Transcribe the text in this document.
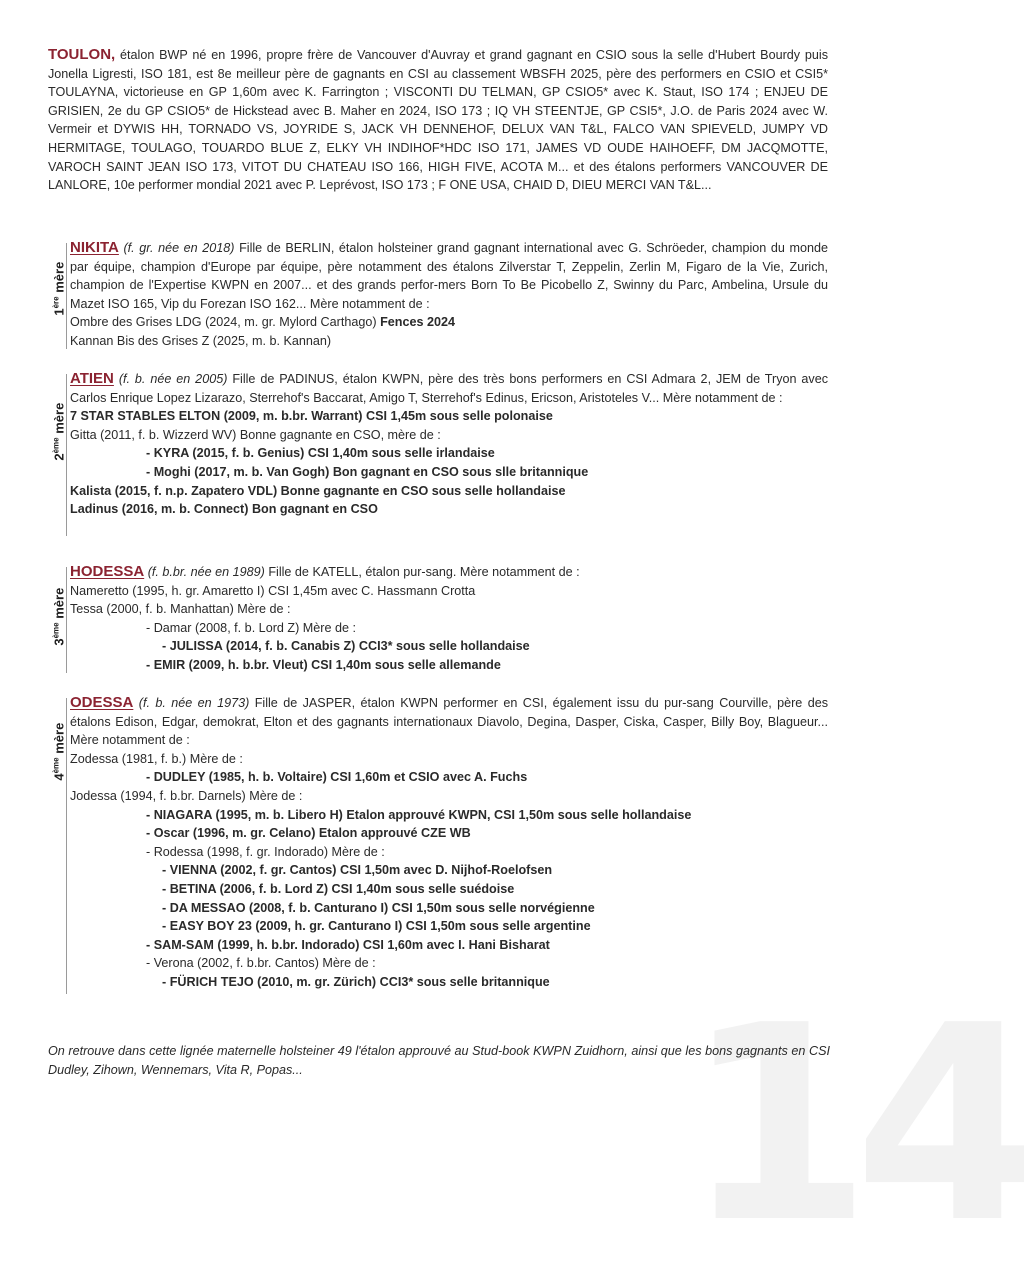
14
TOULON, étalon BWP né en 1996, propre frère de Vancouver d'Auvray et grand gagnant en CSIO sous la selle d'Hubert Bourdy puis Jonella Ligresti, ISO 181, est 8e meilleur père de gagnants en CSI au classement WBSFH 2025, père des performers en CSIO et CSI5* TOULAYNA, victorieuse en GP 1,60m avec K. Farrington ; VISCONTI DU TELMAN, GP CSIO5* avec K. Staut, ISO 174 ; ENJEU DE GRISIEN, 2e du GP CSIO5* de Hickstead avec B. Maher en 2024, ISO 173 ; IQ VH STEENTJE, GP CSI5*, J.O. de Paris 2024 avec W. Vermeir et DYWIS HH, TORNADO VS, JOYRIDE S, JACK VH DENNEHOF, DELUX VAN T&L, FALCO VAN SPIEVELD, JUMPY VD HERMITAGE, TOULAGO, TOUARDO BLUE Z, ELKY VH INDIHOF*HDC ISO 171, JAMES VD OUDE HAIHOEFF, DM JACQMOTTE, VAROCH SAINT JEAN ISO 173, VITOT DU CHATEAU ISO 166, HIGH FIVE, ACOTA M... et des étalons performers VANCOUVER DE LANLORE, 10e performer mondial 2021 avec P. Leprévost, ISO 173 ; F ONE USA, CHAID D, DIEU MERCI VAN T&L...
1ère mère

NIKITA (f. gr. née en 2018) Fille de BERLIN, étalon holsteiner grand gagnant international avec G. Schröeder, champion du monde par équipe, champion d'Europe par équipe, père notamment des étalons Zilverstar T, Zeppelin, Zerlin M, Figaro de la Vie, Zurich, champion de l'Expertise KWPN en 2007... et des grands perfor-mers Born To Be Picobello Z, Swinny du Parc, Ambelina, Ursule du Mazet ISO 165, Vip du Forezan ISO 162... Mère notamment de :

Ombre des Grises LDG (2024, m. gr. Mylord Carthago) Fences 2024

Kannan Bis des Grises Z (2025, m. b. Kannan)

2ème mère

ATIEN (f. b. née en 2005) Fille de PADINUS, étalon KWPN, père des très bons performers en CSI Admara 2, JEM de Tryon avec Carlos Enrique Lopez Lizarazo, Sterrehof's Baccarat, Amigo T, Sterrehof's Edinus, Ericson, Aristoteles V... Mère notamment de :

7 STAR STABLES ELTON (2009, m. b.br. Warrant) CSI 1,45m sous selle polonaise

Gitta (2011, f. b. Wizzerd WV) Bonne gagnante en CSO, mère de :

- KYRA (2015, f. b. Genius) CSI 1,40m sous selle irlandaise

- Moghi (2017, m. b. Van Gogh) Bon gagnant en CSO sous slle britannique

Kalista (2015, f. n.p. Zapatero VDL) Bonne gagnante en CSO sous selle hollandaise

Ladinus (2016, m. b. Connect) Bon gagnant en CSO

3ème mère

HODESSA (f. b.br. née en 1989) Fille de KATELL, étalon pur-sang. Mère notamment de :

Nameretto (1995, h. gr. Amaretto I) CSI 1,45m avec C. Hassmann Crotta

Tessa (2000, f. b. Manhattan) Mère de :

- Damar (2008, f. b. Lord Z) Mère de :

- JULISSA (2014, f. b. Canabis Z) CCI3* sous selle hollandaise

- EMIR (2009, h. b.br. Vleut) CSI 1,40m sous selle allemande

4ème mère

ODESSA (f. b. née en 1973) Fille de JASPER, étalon KWPN performer en CSI, également issu du pur-sang Courville, père des étalons Edison, Edgar, demokrat, Elton et des gagnants internationaux Diavolo, Degina, Dasper, Ciska, Casper, Billy Boy, Blagueur... Mère notamment de :

Zodessa (1981, f. b.) Mère de :

- DUDLEY (1985, h. b. Voltaire) CSI 1,60m et CSIO avec A. Fuchs

Jodessa (1994, f. b.br. Darnels) Mère de :

- NIAGARA (1995, m. b. Libero H) Etalon approuvé KWPN, CSI 1,50m sous selle hollandaise

- Oscar (1996, m. gr. Celano) Etalon approuvé CZE WB

- Rodessa (1998, f. gr. Indorado) Mère de :

- VIENNA (2002, f. gr. Cantos) CSI 1,50m avec D. Nijhof-Roelofsen

- BETINA (2006, f. b. Lord Z) CSI 1,40m sous selle suédoise

- DA MESSAO (2008, f. b. Canturano I) CSI 1,50m sous selle norvégienne

- EASY BOY 23 (2009, h. gr. Canturano I) CSI 1,50m sous selle argentine

- SAM-SAM (1999, h. b.br. Indorado) CSI 1,60m avec I. Hani Bisharat

- Verona (2002, f. b.br. Cantos) Mère de :

- FÜRICH TEJO (2010, m. gr. Zürich) CCI3* sous selle britannique

On retrouve dans cette lignée maternelle holsteiner 49 l'étalon approuvé au Stud-book KWPN Zuidhorn, ainsi que les bons gagnants en CSI Dudley, Zihown, Wennemars, Vita R, Popas...
